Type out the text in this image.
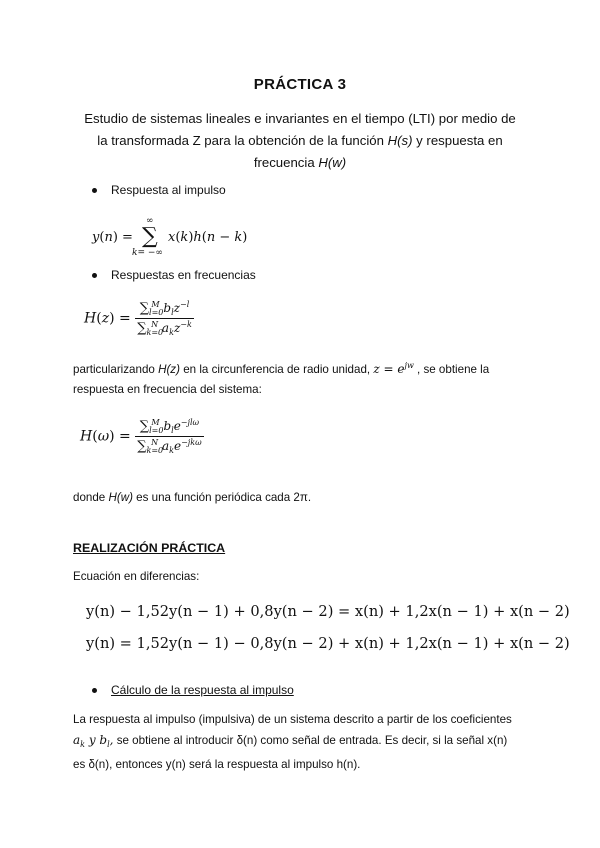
PRÁCTICA 3
Estudio de sistemas lineales e invariantes en el tiempo (LTI) por medio de
la transformada Z para la obtención de la función H(s) y respuesta en
frecuencia H(w)
Respuesta al impulso
y(n) =
∞
∑
k= −∞
x(k)h(n − k)
Respuestas en frecuencias
$H(z) = \frac{\sum_{l=0}^M b_lz^{-l}}{\sum_{k=0}^N a_kz^{-k}}$
particularizando H(z) en la circunferencia de radio unidad, $z = e^{jw}$ , se obtiene la
respuesta en frecuencia del sistema:
$H(\omega) = \frac{\sum_{l=0}^M b_le^{-jl\omega}}{\sum_{k=0}^N a_ke^{-jk\omega}}$
donde H(w) es una función periódica cada 2π.
REALIZACIÓN PRÁCTICA
Ecuación en diferencias:
y(n) − 1,52y(n − 1) + 0,8y(n − 2) = x(n) + 1,2x(n − 1) + x(n − 2)
y(n) = 1,52y(n − 1) − 0,8y(n − 2) + x(n) + 1,2x(n − 1) + x(n − 2)
Cálculo de la respuesta al impulso
La respuesta al impulso (impulsiva) de un sistema descrito a partir de los coeficientes
$a_k$ y $b_l$, se obtiene al introducir δ(n) como señal de entrada. Es decir, si la señal x(n)
es δ(n), entonces y(n) será la respuesta al impulso h(n).
